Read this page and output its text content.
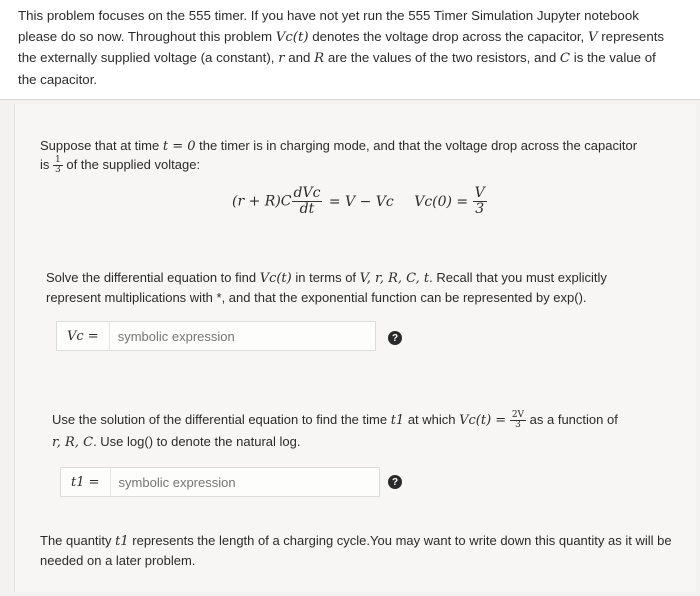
This problem focuses on the 555 timer. If you have not yet run the 555 Timer Simulation Jupyter notebook
please do so now. Throughout this problem Vc(t) denotes the voltage drop across the capacitor, V represents
the externally supplied voltage (a constant), r and R are the values of the two resistors, and C is the value of
the capacitor.
Suppose that at time t = 0 the timer is in charging mode, and that the voltage drop across the capacitor
is $\frac{1}{3}$ of the supplied voltage:
$(r + R)C \frac{\text{dVc}}{dt} = V - Vc$ $Vc(0) = \frac{V}{3}$
Solve the differential equation to find Vc(t) in terms of V, r, R, C, t. Recall that you must explicitly
represent multiplications with *, and that the exponential function can be represented by exp().
Vc =
symbolic expression	?
Use the solution of the differential equation to find the time t1 at which $Vc(t) = \frac{2V}{3}$ as a function of
r, R, C. Use log() to denote the natural log.
t1 =
symbolic expression	?
The quantity t1 represents the length of a charging cycle.You may want to write down this quantity as it will be
needed on a later problem.
